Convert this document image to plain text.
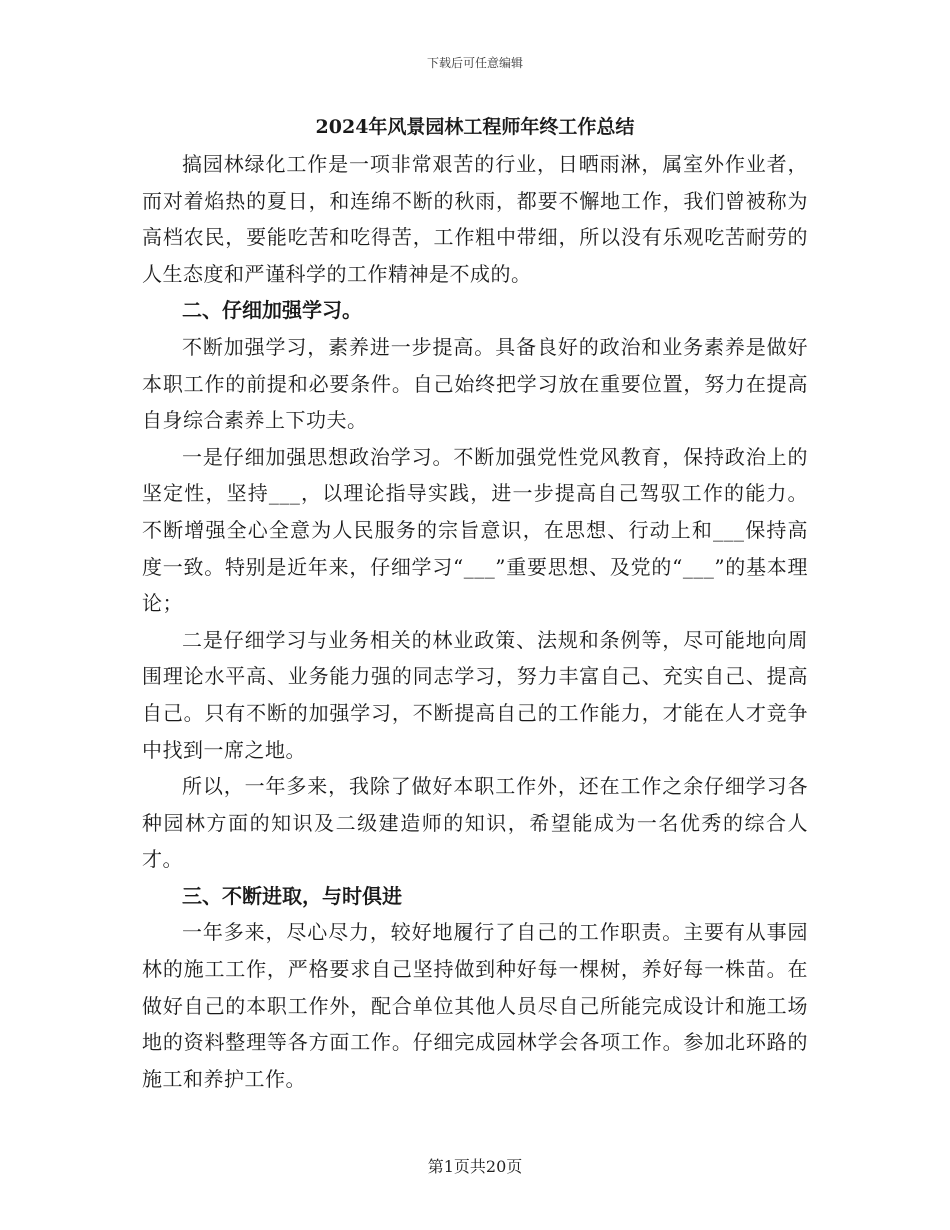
下载后可任意编辑
2024年风景园林工程师年终工作总结

搞园林绿化工作是一项非常艰苦的行业，日晒雨淋，属室外作业者，而对着焰热的夏日，和连绵不断的秋雨，都要不懈地工作，我们曾被称为高档农民，要能吃苦和吃得苦，工作粗中带细，所以没有乐观吃苦耐劳的人生态度和严谨科学的工作精神是不成的。

二、仔细加强学习。

不断加强学习，素养进一步提高。具备良好的政治和业务素养是做好本职工作的前提和必要条件。自己始终把学习放在重要位置，努力在提高自身综合素养上下功夫。

一是仔细加强思想政治学习。不断加强党性党风教育，保持政治上的坚定性，坚持___，以理论指导实践，进一步提高自己驾驭工作的能力。不断增强全心全意为人民服务的宗旨意识，在思想、行动上和___保持高度一致。特别是近年来，仔细学习“___”重要思想、及党的“___”的基本理论；

二是仔细学习与业务相关的林业政策、法规和条例等，尽可能地向周围理论水平高、业务能力强的同志学习，努力丰富自己、充实自己、提高自己。只有不断的加强学习，不断提高自己的工作能力，才能在人才竞争中找到一席之地。

所以，一年多来，我除了做好本职工作外，还在工作之余仔细学习各种园林方面的知识及二级建造师的知识，希望能成为一名优秀的综合人才。

三、不断进取，与时俱进

一年多来，尽心尽力，较好地履行了自己的工作职责。主要有从事园林的施工工作，严格要求自己坚持做到种好每一棵树，养好每一株苗。在做好自己的本职工作外，配合单位其他人员尽自己所能完成设计和施工场地的资料整理等各方面工作。仔细完成园林学会各项工作。参加北环路的施工和养护工作。

第1页共20页
